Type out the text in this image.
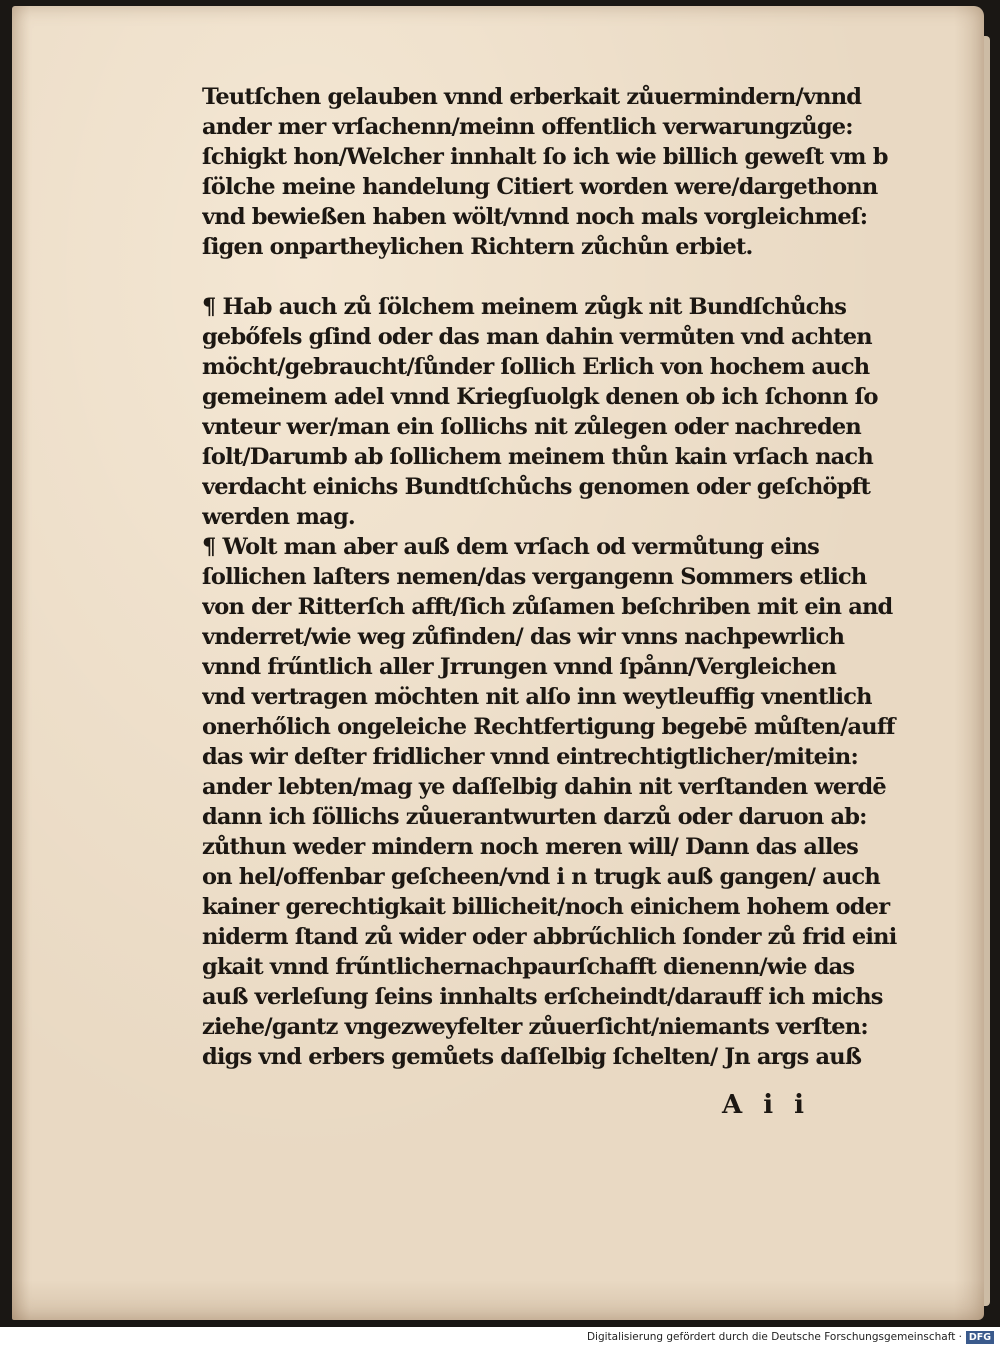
Teutſchen gelauben vnnd erberkait zůuermindern/vnnd
ander mer vrſachenn/meinn offentlich verwarungzůge:
ſchigkt hon/Welcher innhalt ſo ich wie billich geweſt vm b
ſölche meine handelung Citiert worden were/dargethonn
vnd bewießen haben wölt/vnnd noch mals vorgleichmeſ:
ſigen onpartheylichen Richtern zůchůn erbiet.
¶ Hab auch zů ſölchem meinem zůgk nit Bundſchůchs
gebőfels gſind oder das man dahin vermůten vnd achten
möcht/gebraucht/ſůnder ſollich Erlich von hochem auch
gemeinem adel vnnd Kriegſuolgk denen ob ich ſchonn ſo
vnteur wer/man ein ſollichs nit zůlegen oder nachreden
ſolt/Darumb ab ſollichem meinem thůn kain vrſach nach
verdacht einichs Bundtſchůchs genomen oder geſchöpft
werden mag.
¶ Wolt man aber auß dem vrſach od vermůtung eins
ſollichen laſters nemen/das vergangenn Sommers etlich
von der Ritterſch afft/ſich zůſamen beſchriben mit ein and
vnderret/wie weg zůfinden/ das wir vnns nachpewrlich
vnnd frűntlich aller Jrrungen vnnd ſpånn/Vergleichen
vnd vertragen möchten nit alſo inn weytleuffig vnentlich
onerhőlich ongeleiche Rechtfertigung begebē můſten/auff
das wir deſter fridlicher vnnd eintrechtigtlicher/mitein:
ander lebten/mag ye daſſelbig dahin nit verſtanden werdē
dann ich ſöllichs zůuerantwurten darzů oder daruon ab:
zůthun weder mindern noch meren will/ Dann das alles
on hel/offenbar geſcheen/vnd i n trugk auß gangen/ auch
kainer gerechtigkait billicheit/noch einichem hohem oder
niderm ſtand zů wider oder abbrűchlich ſonder zů frid eini
gkait vnnd frűntlichernachpaurſchafft dienenn/wie das
auß verleſung ſeins innhalts erſcheindt/darauff ich michs
ziehe/gantz vngezweyfelter zůuerſicht/niemants verſten:
digs vnd erbers gemůets daſſelbig ſchelten/ Jn args auß
A i i
Digitalisierung gefördert durch die Deutsche Forschungsgemeinschaft · DFG
